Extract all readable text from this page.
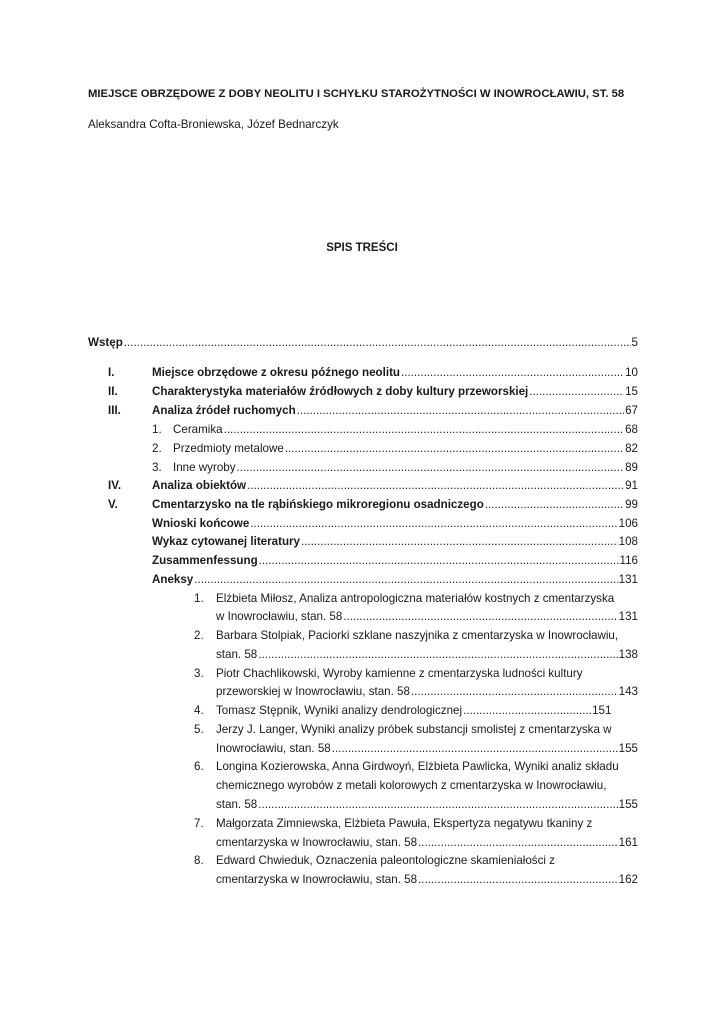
MIEJSCE OBRZĘDOWE Z DOBY NEOLITU I SCHYŁKU STAROŻYTNOŚCI W INOWROCŁAWIU, ST. 58
Aleksandra Cofta-Broniewska, Józef Bednarczyk
SPIS TREŚCI
Wstęp .....	5
I.	Miejsce obrzędowe z okresu późnego neolitu .....	10
II.	Charakterystyka materiałów źródłowych z doby kultury przeworskiej .....	15
III.	Analiza źródeł ruchomych .....	67
1. Ceramika .....	68
2. Przedmioty metalowe .....	82
3. Inne wyroby .....	89
IV.	Analiza obiektów .....	91
V.	Cmentarzysko na tle rąbińskiego mikroregionu osadniczego .....	99
Wnioski końcowe .....	106
Wykaz cytowanej literatury .....	108
Zusammenfessung .....	116
Aneksy .....	131
1. Elżbieta Miłosz, Analiza antropologiczna materiałów kostnych z cmentarzyska
w Inowrocławiu, stan. 58 .....	131
2. Barbara Stolpiak, Paciorki szklane naszyjnika z cmentarzyska w Inowrocławiu,
stan. 58 .....	138
3. Piotr Chachlikowski, Wyroby kamienne z cmentarzyska ludności kultury
przeworskiej w Inowrocławiu, stan. 58 .....	143
4. Tomasz Stępnik, Wyniki analizy dendrologicznej .....	151
5. Jerzy J. Langer, Wyniki analizy próbek substancji smolistej z cmentarzyska w
Inowrocławiu, stan. 58 .....	155
6. Longina Kozierowska, Anna Girdwoyń, Elżbieta Pawlicka, Wyniki analiz składu
chemicznego wyrobów z metali kolorowych z cmentarzyska w Inowrocławiu,
stan. 58 .....	155
7. Małgorzata Zimniewska, Elżbieta Pawuła, Ekspertyza negatywu tkaniny z
cmentarzyska w Inowrocławiu, stan. 58 .....	161
8. Edward Chwieduk, Oznaczenia paleontologiczne skamieniałości z
cmentarzyska w Inowrocławiu, stan. 58 .....	162
